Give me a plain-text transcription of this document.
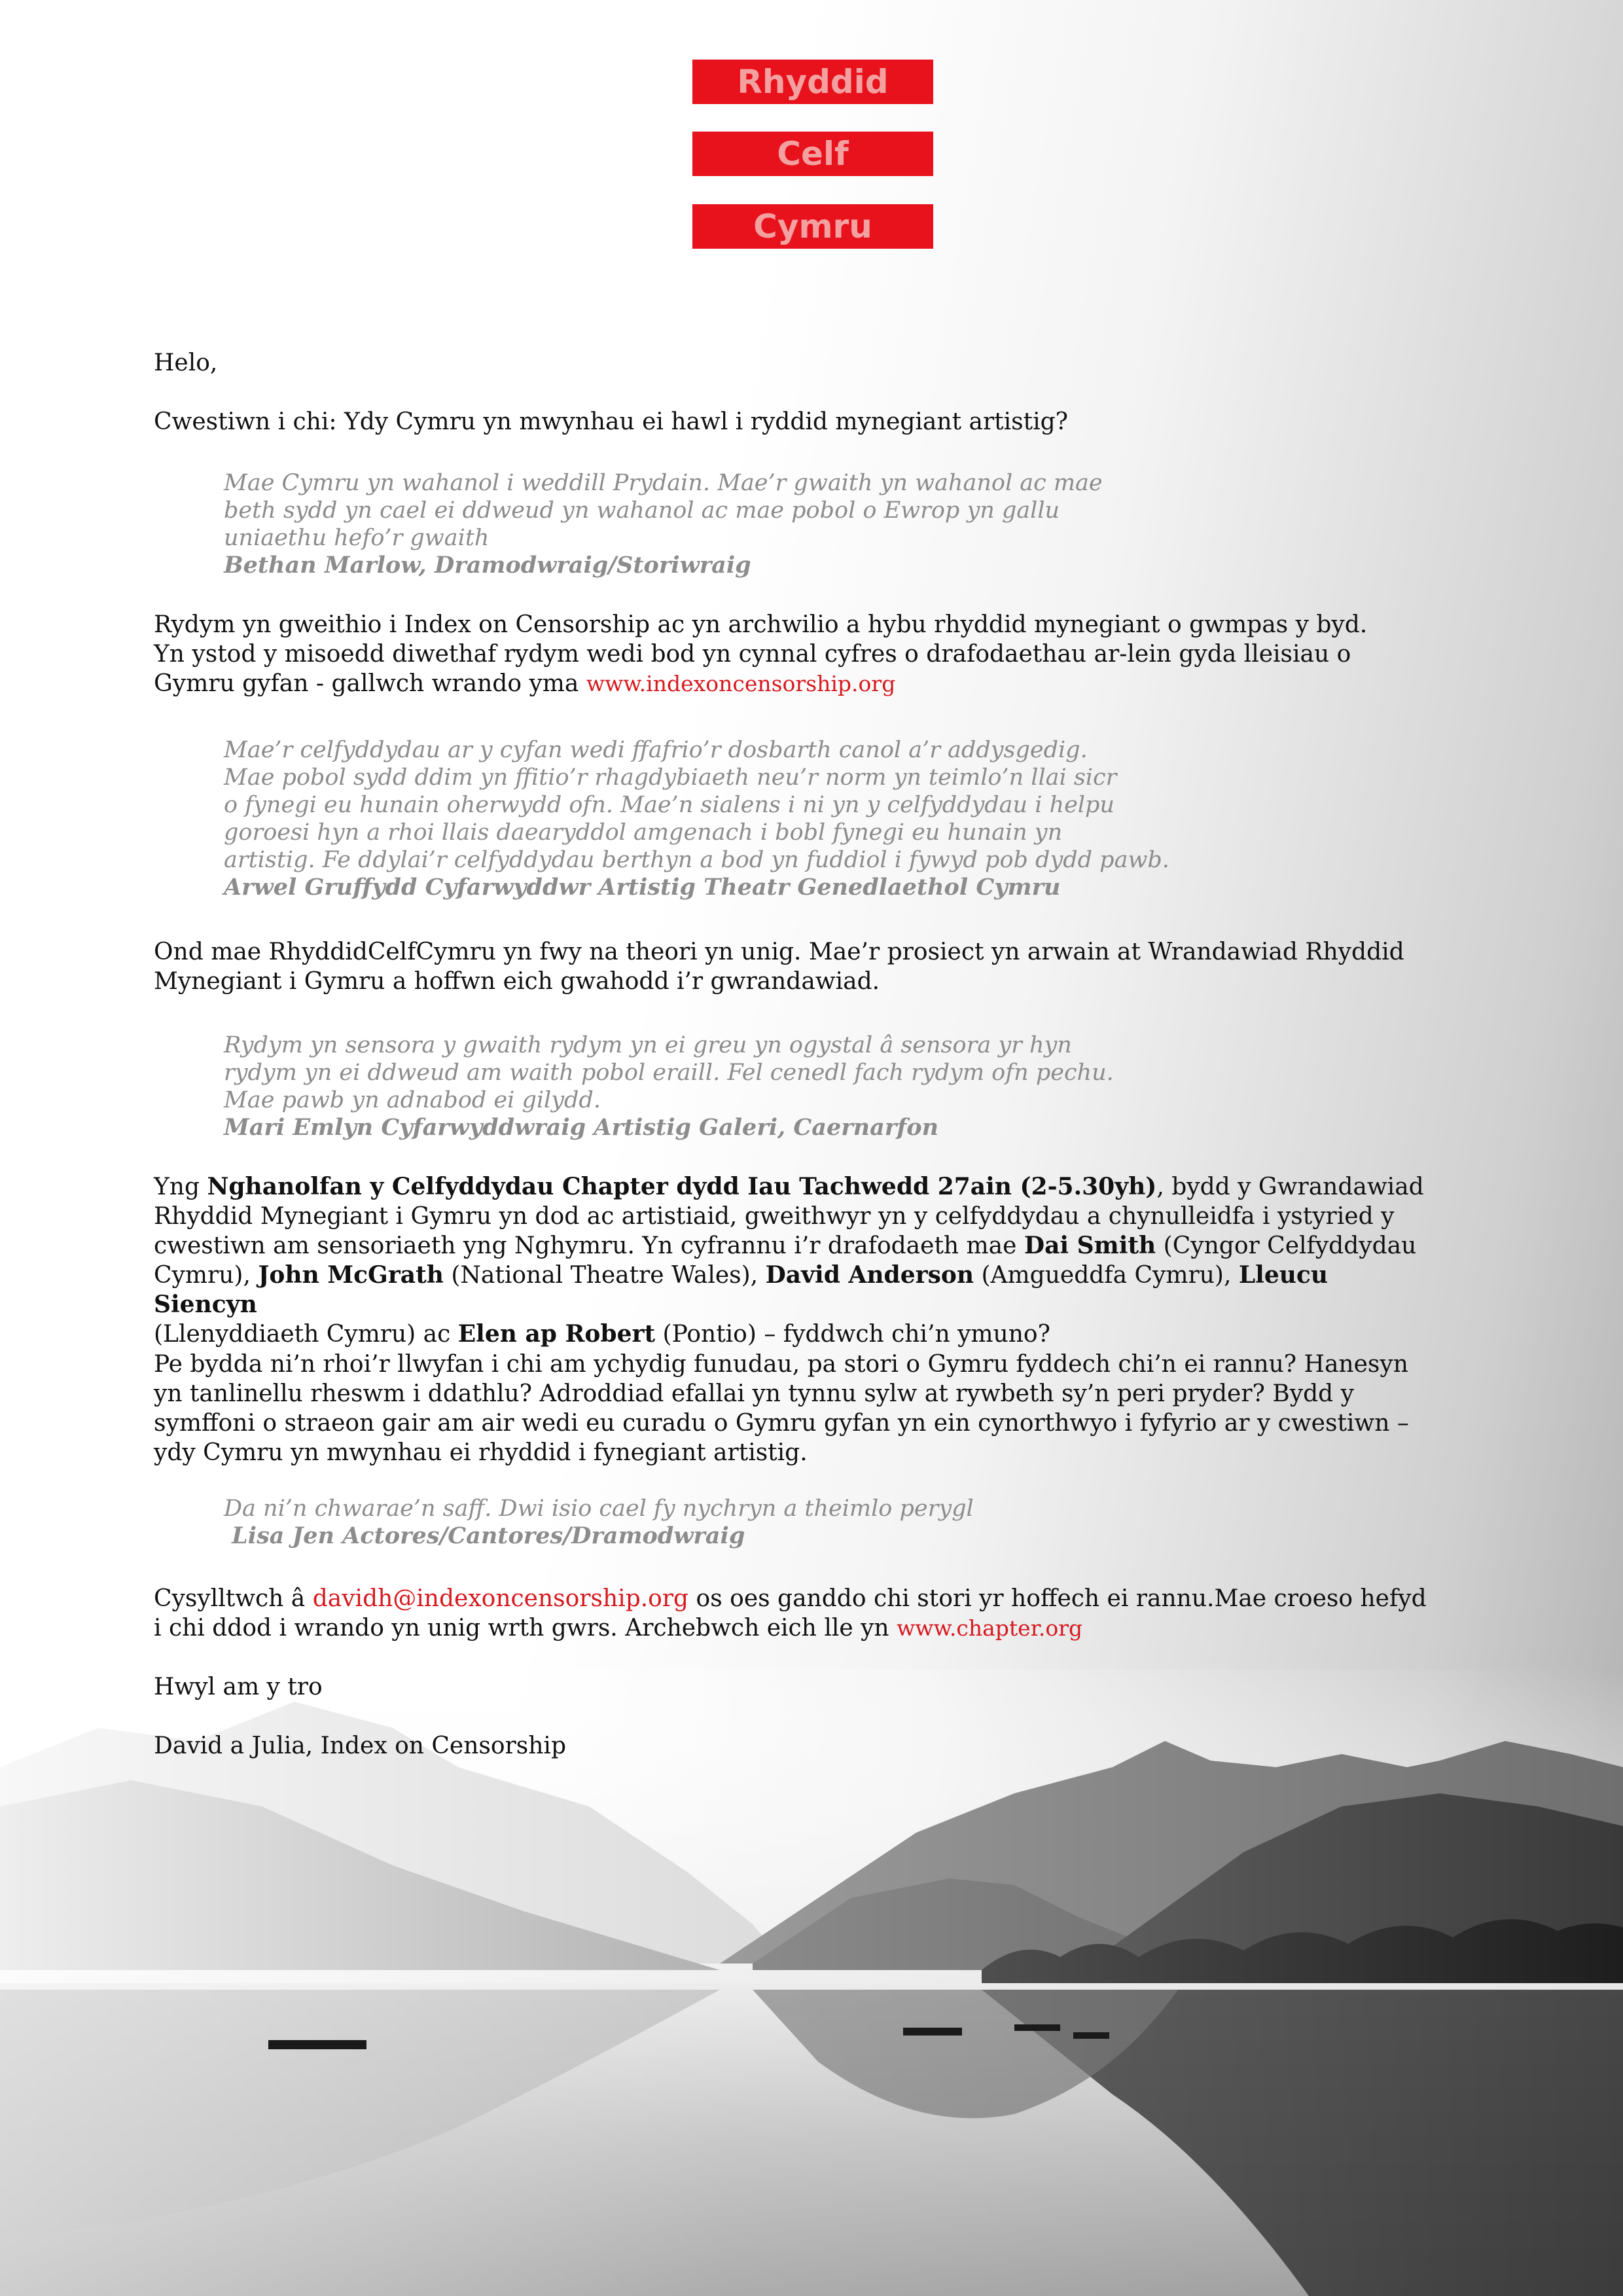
Rhyddid
Celf
Cymru

Helo,

Cwestiwn i chi: Ydy Cymru yn mwynhau ei hawl i ryddid mynegiant artistig?

Mae Cymru yn wahanol i weddill Prydain. Mae’r gwaith yn wahanol ac mae
beth sydd yn cael ei ddweud yn wahanol ac mae pobol o Ewrop yn gallu
uniaethu hefo’r gwaith
Bethan Marlow, Dramodwraig/Storiwraig
Rydym yn gweithio i Index on Censorship ac yn archwilio a hybu rhyddid mynegiant o gwmpas y byd.
Yn ystod y misoedd diwethaf rydym wedi bod yn cynnal cyfres o drafodaethau ar-lein gyda lleisiau o
Gymru gyfan - gallwch wrando yma www.indexoncensorship.org
Mae’r celfyddydau ar y cyfan wedi ffafrio’r dosbarth canol a’r addysgedig.
Mae pobol sydd ddim yn ffitio’r rhagdybiaeth neu’r norm yn teimlo’n llai sicr
o fynegi eu hunain oherwydd ofn. Mae’n sialens i ni yn y celfyddydau i helpu
goroesi hyn a rhoi llais daearyddol amgenach i bobl fynegi eu hunain yn
artistig. Fe ddylai’r celfyddydau berthyn a bod yn fuddiol i fywyd pob dydd pawb.
Arwel Gruffydd Cyfarwyddwr Artistig Theatr Genedlaethol Cymru
Ond mae RhyddidCelfCymru yn fwy na theori yn unig. Mae’r prosiect yn arwain at Wrandawiad Rhyddid
Mynegiant i Gymru a hoffwn eich gwahodd i’r gwrandawiad.
Rydym yn sensora y gwaith rydym yn ei greu yn ogystal â sensora yr hyn
rydym yn ei ddweud am waith pobol eraill. Fel cenedl fach rydym ofn pechu.
Mae pawb yn adnabod ei gilydd.
Mari Emlyn Cyfarwyddwraig Artistig Galeri, Caernarfon
Yng Nghanolfan y Celfyddydau Chapter dydd Iau Tachwedd 27ain (2-5.30yh), bydd y Gwrandawiad
Rhyddid Mynegiant i Gymru yn dod ac artistiaid, gweithwyr yn y celfyddydau a chynulleidfa i ystyried y
cwestiwn am sensoriaeth yng Nghymru. Yn cyfrannu i’r drafodaeth mae Dai Smith (Cyngor Celfyddydau
Cymru), John McGrath (National Theatre Wales), David Anderson (Amgueddfa Cymru), Lleucu Siencyn
(Llenyddiaeth Cymru) ac Elen ap Robert (Pontio) – fyddwch chi’n ymuno?
Pe bydda ni’n rhoi’r llwyfan i chi am ychydig funudau, pa stori o Gymru fyddech chi’n ei rannu? Hanesyn
yn tanlinellu rheswm i ddathlu? Adroddiad efallai yn tynnu sylw at rywbeth sy’n peri pryder? Bydd y
symffoni o straeon gair am air wedi eu curadu o Gymru gyfan yn ein cynorthwyo i fyfyrio ar y cwestiwn –
ydy Cymru yn mwynhau ei rhyddid i fynegiant artistig.
Da ni’n chwarae’n saff. Dwi isio cael fy nychryn a theimlo perygl
Lisa Jen Actores/Cantores/Dramodwraig
Cysylltwch â davidh@indexoncensorship.org os oes ganddo chi stori yr hoffech ei rannu.Mae croeso hefyd
i chi ddod i wrando yn unig wrth gwrs. Archebwch eich lle yn www.chapter.org

Hwyl am y tro

David a Julia, Index on Censorship
